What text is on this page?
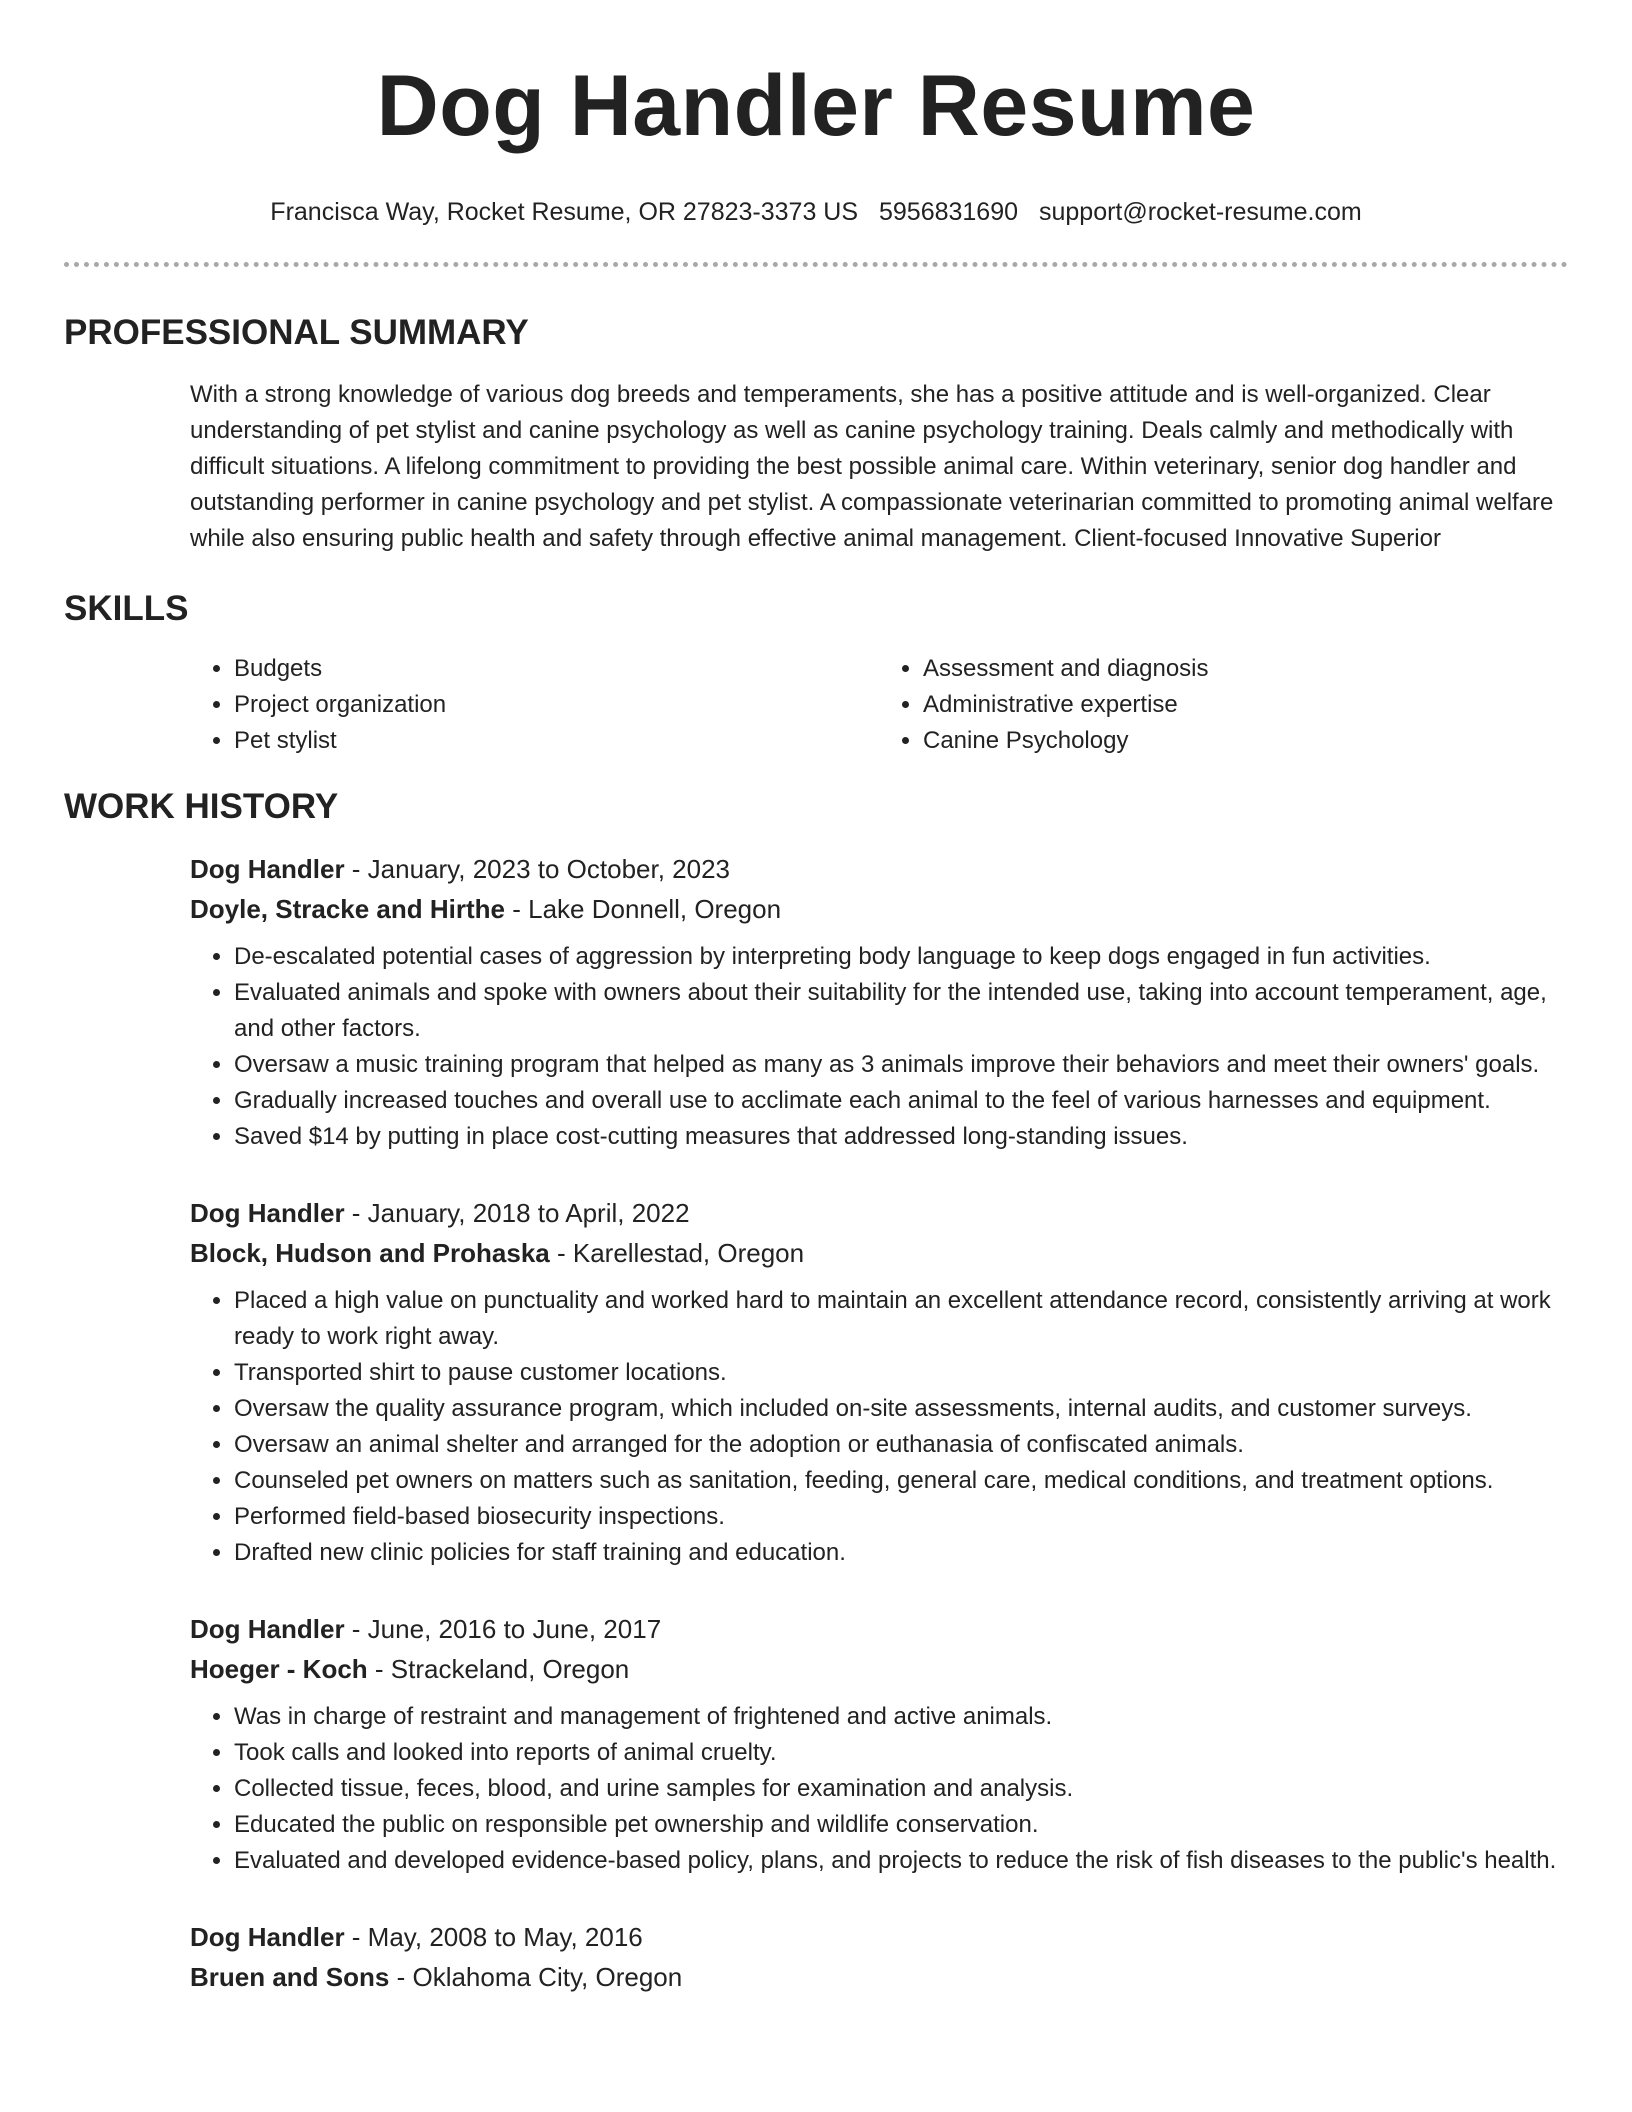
Dog Handler Resume
Francisca Way, Rocket Resume, OR 27823-3373 US 5956831690 support@rocket-resume.com
PROFESSIONAL SUMMARY

With a strong knowledge of various dog breeds and temperaments, she has a positive attitude and is well-organized. Clear understanding of pet stylist and canine psychology as well as canine psychology training. Deals calmly and methodically with difficult situations. A lifelong commitment to providing the best possible animal care. Within veterinary, senior dog handler and outstanding performer in canine psychology and pet stylist. A compassionate veterinarian committed to promoting animal welfare while also ensuring public health and safety through effective animal management. Client-focused Innovative Superior

SKILLS
• Budgets
• Project organization
• Pet stylist
• Assessment and diagnosis
• Administrative expertise
• Canine Psychology
WORK HISTORY
Dog Handler - January, 2023 to October, 2023
Doyle, Stracke and Hirthe - Lake Donnell, Oregon
• De-escalated potential cases of aggression by interpreting body language to keep dogs engaged in fun activities.
• Evaluated animals and spoke with owners about their suitability for the intended use, taking into account temperament, age, and other factors.
• Oversaw a music training program that helped as many as 3 animals improve their behaviors and meet their owners' goals.
• Gradually increased touches and overall use to acclimate each animal to the feel of various harnesses and equipment.
• Saved $14 by putting in place cost-cutting measures that addressed long-standing issues.
Dog Handler - January, 2018 to April, 2022
Block, Hudson and Prohaska - Karellestad, Oregon
• Placed a high value on punctuality and worked hard to maintain an excellent attendance record, consistently arriving at work ready to work right away.
• Transported shirt to pause customer locations.
• Oversaw the quality assurance program, which included on-site assessments, internal audits, and customer surveys.
• Oversaw an animal shelter and arranged for the adoption or euthanasia of confiscated animals.
• Counseled pet owners on matters such as sanitation, feeding, general care, medical conditions, and treatment options.
• Performed field-based biosecurity inspections.
• Drafted new clinic policies for staff training and education.
Dog Handler - June, 2016 to June, 2017
Hoeger - Koch - Strackeland, Oregon
• Was in charge of restraint and management of frightened and active animals.
• Took calls and looked into reports of animal cruelty.
• Collected tissue, feces, blood, and urine samples for examination and analysis.
• Educated the public on responsible pet ownership and wildlife conservation.
• Evaluated and developed evidence-based policy, plans, and projects to reduce the risk of fish diseases to the public's health.
Dog Handler - May, 2008 to May, 2016
Bruen and Sons - Oklahoma City, Oregon
